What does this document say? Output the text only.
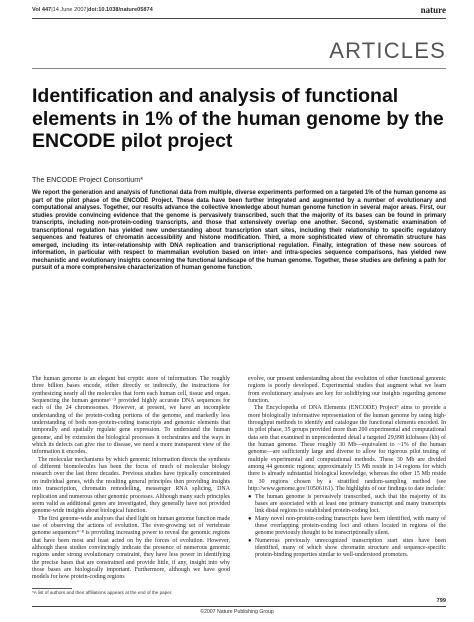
Vol 447|14 June 2007|doi:10.1038/nature05874	nature
ARTICLES
Identification and analysis of functional elements in 1% of the human genome by the ENCODE pilot project
The ENCODE Project Consortium*

We report the generation and analysis of functional data from multiple, diverse experiments performed on a targeted 1% of the human genome as part of the pilot phase of the ENCODE Project. These data have been further integrated and augmented by a number of evolutionary and computational analyses. Together, our results advance the collective knowledge about human genome function in several major areas. First, our studies provide convincing evidence that the genome is pervasively transcribed, such that the majority of its bases can be found in primary transcripts, including non-protein-coding transcripts, and those that extensively overlap one another. Second, systematic examination of transcriptional regulation has yielded new understanding about transcription start sites, including their relationship to specific regulatory sequences and features of chromatin accessibility and histone modification. Third, a more sophisticated view of chromatin structure has emerged, including its inter-relationship with DNA replication and transcriptional regulation. Finally, integration of these new sources of information, in particular with respect to mammalian evolution based on inter- and intra-species sequence comparisons, has yielded new mechanistic and evolutionary insights concerning the functional landscape of the human genome. Together, these studies are defining a path for pursuit of a more comprehensive characterization of human genome function.

The human genome is an elegant but cryptic store of information. The roughly three billion bases encode, either directly or indirectly, the instructions for synthesizing nearly all the molecules that form each human cell, tissue and organ. Sequencing the human genome¹⁻³ provided highly accurate DNA sequences for each of the 24 chromosomes. However, at present, we have an incomplete understanding of the protein-coding portions of the genome, and markedly less understanding of both non-protein-coding transcripts and genomic elements that temporally and spatially regulate gene expression. To understand the human genome, and by extension the biological processes it orchestrates and the ways in which its defects can give rise to disease, we need a more transparent view of the information it encodes.

The molecular mechanisms by which genomic information directs the synthesis of different biomolecules has been the focus of much of molecular biology research over the last three decades. Previous studies have typically concentrated on individual genes, with the resulting general principles then providing insights into transcription, chromatin remodelling, messenger RNA splicing, DNA replication and numerous other genomic processes. Although many such principles seem valid as additional genes are investigated, they generally have not provided genome-wide insights about biological function.

The first genome-wide analyses that shed light on human genome function made use of observing the actions of evolution. The ever-growing set of vertebrate genome sequences⁴⁻⁸ is providing increasing power to reveal the genomic regions that have been most and least acted on by the forces of evolution. However, although these studies convincingly indicate the presence of numerous genomic regions under strong evolutionary constraint, they have less power in identifying the precise bases that are constrained and provide little, if any, insight into why those bases are biologically important. Furthermore, although we have good models for how protein-coding regions

evolve, our present understanding about the evolution of other functional genomic regions is poorly developed. Experimental studies that augment what we learn from evolutionary analyses are key for solidifying our insights regarding genome function.

The Encyclopedia of DNA Elements (ENCODE) Project⁹ aims to provide a more biologically informative representation of the human genome by using high-throughput methods to identify and catalogue the functional elements encoded. In its pilot phase, 35 groups provided more than 200 experimental and computational data sets that examined in unprecedented detail a targeted 29,998 kilobases (kb) of the human genome. These roughly 30 Mb—equivalent to ~1% of the human genome—are sufficiently large and diverse to allow for rigorous pilot testing of multiple experimental and computational methods. These 30 Mb are divided among 44 genomic regions; approximately 15 Mb reside in 14 regions for which there is already substantial biological knowledge, whereas the other 15 Mb reside in 30 regions chosen by a stratified random-sampling method (see http://www.genome.gov/10506161). The highlights of our findings to date include:

● The human genome is pervasively transcribed, such that the majority of its bases are associated with at least one primary transcript and many transcripts link distal regions to established protein-coding loci.
● Many novel non-protein-coding transcripts have been identified, with many of these overlapping protein-coding loci and others located in regions of the genome previously thought to be transcriptionally silent.
● Numerous previously unrecognized transcription start sites have been identified, many of which show chromatin structure and sequence-specific protein-binding properties similar to well-understood promoters.
*A list of authors and their affiliations appears at the end of the paper.
799
©2007 Nature Publishing Group
